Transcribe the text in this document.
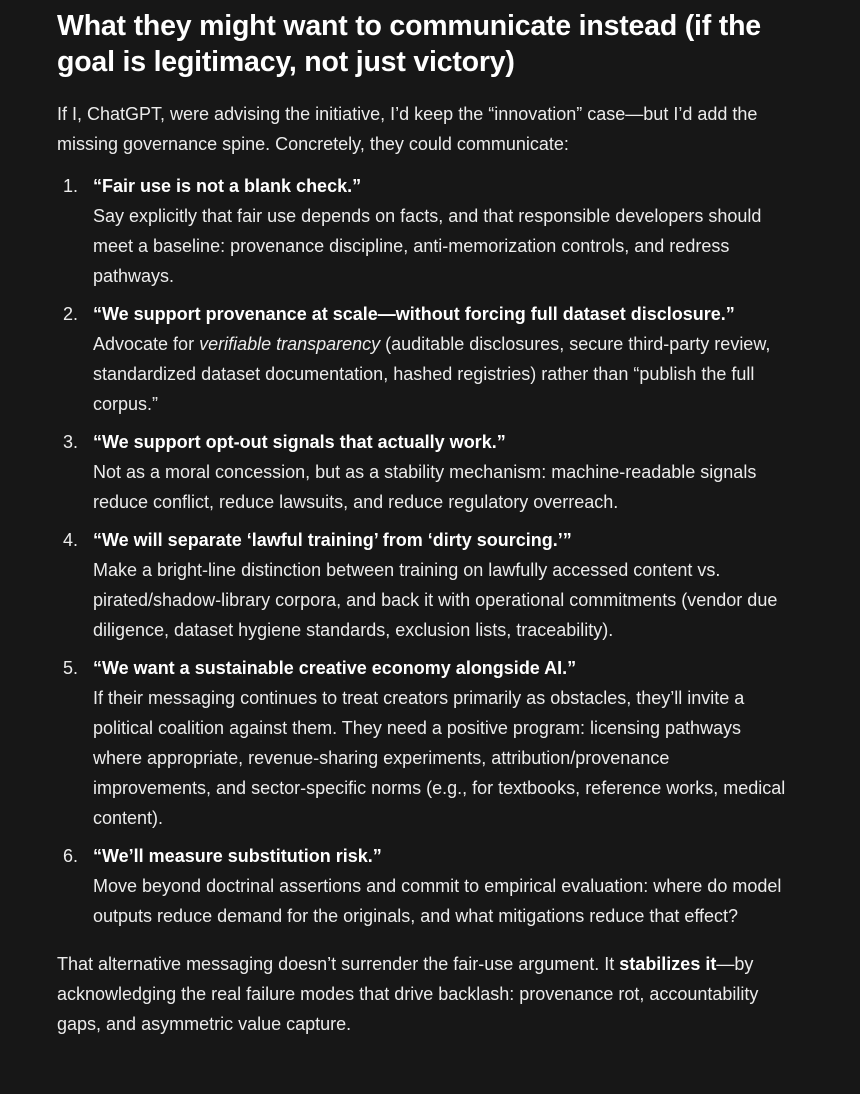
What they might want to communicate instead (if the goal is legitimacy, not just victory)

If I, ChatGPT, were advising the initiative, I’d keep the “innovation” case—but I’d add the missing governance spine. Concretely, they could communicate:

1. “Fair use is not a blank check.”
Say explicitly that fair use depends on facts, and that responsible developers should meet a baseline: provenance discipline, anti-memorization controls, and redress pathways.
2. “We support provenance at scale—without forcing full dataset disclosure.”
Advocate for verifiable transparency (auditable disclosures, secure third-party review, standardized dataset documentation, hashed registries) rather than “publish the full corpus.”
3. “We support opt-out signals that actually work.”
Not as a moral concession, but as a stability mechanism: machine-readable signals reduce conflict, reduce lawsuits, and reduce regulatory overreach.
4. “We will separate ‘lawful training’ from ‘dirty sourcing.’”
Make a bright-line distinction between training on lawfully accessed content vs. pirated/shadow-library corpora, and back it with operational commitments (vendor due diligence, dataset hygiene standards, exclusion lists, traceability).
5. “We want a sustainable creative economy alongside AI.”
If their messaging continues to treat creators primarily as obstacles, they’ll invite a political coalition against them. They need a positive program: licensing pathways where appropriate, revenue-sharing experiments, attribution/provenance improvements, and sector-specific norms (e.g., for textbooks, reference works, medical content).
6. “We’ll measure substitution risk.”
Move beyond doctrinal assertions and commit to empirical evaluation: where do model outputs reduce demand for the originals, and what mitigations reduce that effect?

That alternative messaging doesn’t surrender the fair-use argument. It stabilizes it—by acknowledging the real failure modes that drive backlash: provenance rot, accountability gaps, and asymmetric value capture.
